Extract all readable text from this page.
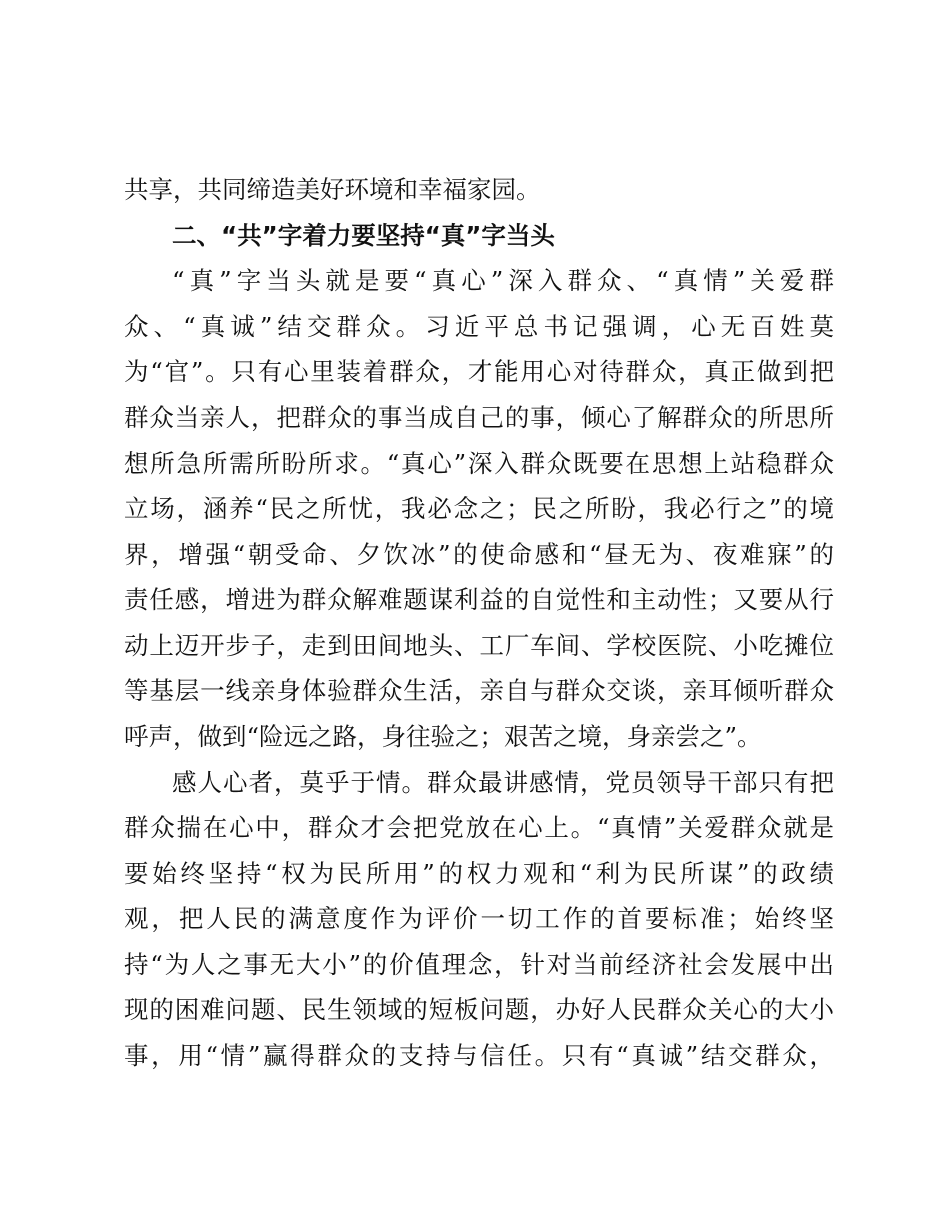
共享，共同缔造美好环境和幸福家园。
二、“共”字着力要坚持“真”字当头
“真”字当头就是要“真心”深入群众、“真情”关爱群
众、“真诚”结交群众。习近平总书记强调，心无百姓莫
为“官”。只有心里装着群众，才能用心对待群众，真正做到把
群众当亲人，把群众的事当成自己的事，倾心了解群众的所思所
想所急所需所盼所求。“真心”深入群众既要在思想上站稳群众
立场，涵养“民之所忧，我必念之；民之所盼，我必行之”的境
界，增强“朝受命、夕饮冰”的使命感和“昼无为、夜难寐”的
责任感，增进为群众解难题谋利益的自觉性和主动性；又要从行
动上迈开步子，走到田间地头、工厂车间、学校医院、小吃摊位
等基层一线亲身体验群众生活，亲自与群众交谈，亲耳倾听群众
呼声，做到“险远之路，身往验之；艰苦之境，身亲尝之”。
感人心者，莫乎于情。群众最讲感情，党员领导干部只有把
群众揣在心中，群众才会把党放在心上。“真情”关爱群众就是
要始终坚持“权为民所用”的权力观和“利为民所谋”的政绩
观，把人民的满意度作为评价一切工作的首要标准；始终坚
持“为人之事无大小”的价值理念，针对当前经济社会发展中出
现的困难问题、民生领域的短板问题，办好人民群众关心的大小
事，用“情”赢得群众的支持与信任。只有“真诚”结交群众，
